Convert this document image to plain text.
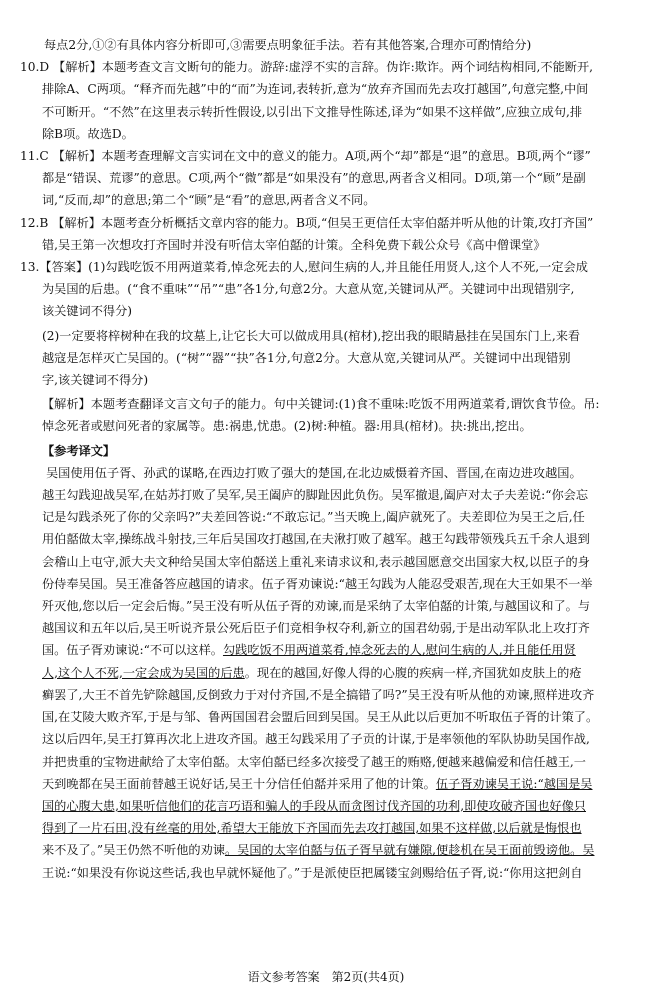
每点2分,①②有具体内容分析即可,③需要点明象征手法。若有其他答案,合理亦可酌情给分)
10.D 【解析】本题考查文言文断句的能力。游辞:虚浮不实的言辞。伪诈:欺诈。两个词结构相同,不能断开,
排除A、C两项。“释齐而先越”中的“而”为连词,表转折,意为“放弃齐国而先去攻打越国”,句意完整,中间
不可断开。“不然”在这里表示转折性假设,以引出下文推导性陈述,译为“如果不这样做”,应独立成句,排
除B项。故选D。
11.C 【解析】本题考查理解文言实词在文中的意义的能力。A项,两个“却”都是“退”的意思。B项,两个“谬”
都是“错误、荒谬”的意思。C项,两个“微”都是“如果没有”的意思,两者含义相同。D项,第一个“顾”是副
词,“反而,却”的意思;第二个“顾”是“看”的意思,两者含义不同。
12.B 【解析】本题考查分析概括文章内容的能力。B项,“但吴王更信任太宰伯嚭并听从他的计策,攻打齐国”
错,吴王第一次想攻打齐国时并没有听信太宰伯嚭的计策。全科免费下载公众号《高中僧课堂》
13.【答案】(1)勾践吃饭不用两道菜肴,悼念死去的人,慰问生病的人,并且能任用贤人,这个人不死,一定会成
为吴国的后患。(“食不重味”“吊”“患”各1分,句意2分。大意从宽,关键词从严。关键词中出现错别字,
该关键词不得分)
(2)一定要将梓树种在我的坟墓上,让它长大可以做成用具(棺材),挖出我的眼睛悬挂在吴国东门上,来看
越寇是怎样灭亡吴国的。(“树”“器”“抉”各1分,句意2分。大意从宽,关键词从严。关键词中出现错别
字,该关键词不得分)
【解析】本题考查翻译文言文句子的能力。句中关键词:(1)食不重味:吃饭不用两道菜肴,谓饮食节俭。吊:
悼念死者或慰问死者的家属等。患:祸患,忧患。(2)树:种植。器:用具(棺材)。抉:挑出,挖出。
【参考译文】
吴国使用伍子胥、孙武的谋略,在西边打败了强大的楚国,在北边威慑着齐国、晋国,在南边进攻越国。
越王勾践迎战吴军,在姑苏打败了吴军,吴王阖庐的脚趾因此负伤。吴军撤退,阖庐对太子夫差说:“你会忘
记是勾践杀死了你的父亲吗?”夫差回答说:“不敢忘记。”当天晚上,阖庐就死了。夫差即位为吴王之后,任
用伯嚭做太宰,操练战斗射技,三年后吴国攻打越国,在夫湫打败了越军。越王勾践带领残兵五千余人退到
会稽山上屯守,派大夫文种给吴国太宰伯嚭送上重礼来请求议和,表示越国愿意交出国家大权,以臣子的身
份侍奉吴国。吴王准备答应越国的请求。伍子胥劝谏说:“越王勾践为人能忍受艰苦,现在大王如果不一举
歼灭他,您以后一定会后悔。”吴王没有听从伍子胥的劝谏,而是采纳了太宰伯嚭的计策,与越国议和了。与
越国议和五年以后,吴王听说齐景公死后臣子们竞相争权夺利,新立的国君幼弱,于是出动军队北上攻打齐
国。伍子胥劝谏说:“不可以这样。勾践吃饭不用两道菜肴,悼念死去的人,慰问生病的人,并且能任用贤
人,这个人不死,一定会成为吴国的后患。现在的越国,好像人得的心腹的疾病一样,齐国犹如皮肤上的疮
癣罢了,大王不首先铲除越国,反倒致力于对付齐国,不是全搞错了吗?”吴王没有听从他的劝谏,照样进攻齐
国,在艾陵大败齐军,于是与邹、鲁两国国君会盟后回到吴国。吴王从此以后更加不听取伍子胥的计策了。
这以后四年,吴王打算再次北上进攻齐国。越王勾践采用了子贡的计谋,于是率领他的军队协助吴国作战,
并把贵重的宝物进献给了太宰伯嚭。太宰伯嚭已经多次接受了越王的贿赂,便越来越偏爱和信任越王,一
天到晚都在吴王面前替越王说好话,吴王十分信任伯嚭并采用了他的计策。伍子胥劝谏吴王说:“越国是吴
国的心腹大患,如果听信他们的花言巧语和骗人的手段从而贪图讨伐齐国的功利,即使攻破齐国也好像只
得到了一片石田,没有丝毫的用处,希望大王能放下齐国而先去攻打越国,如果不这样做,以后就是悔恨也
来不及了。”吴王仍然不听他的劝谏。吴国的太宰伯嚭与伍子胥早就有嫌隙,便趁机在吴王面前毁谤他。吴
王说:“如果没有你说这些话,我也早就怀疑他了。”于是派使臣把属镂宝剑赐给伍子胥,说:“你用这把剑自
语文参考答案　第2页(共4页)
